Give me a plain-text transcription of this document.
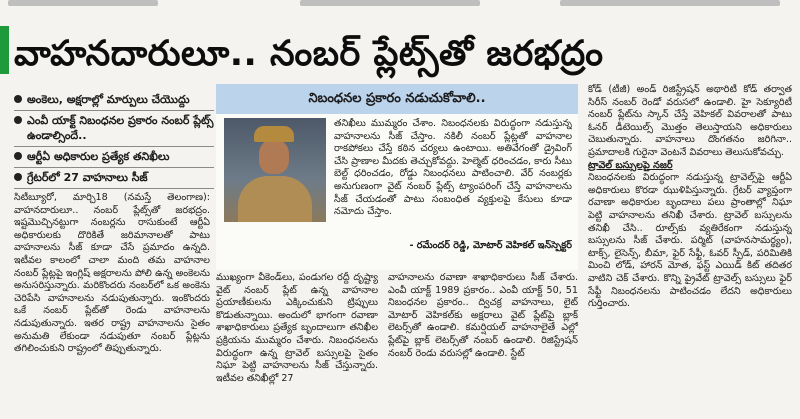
వాహనదారులూ.. నంబర్ ప్లేట్స్‌తో జరభద్రం
అంకెలు, అక్షరాల్లో మార్పులు చేయొద్దు
ఎంవీ యాక్ట్ నిబంధనల ప్రకారం నంబర్ ప్లేట్స్ ఉండాల్సిందే..
ఆర్టీఏ అధికారుల ప్రత్యేక తనిఖీలు
గ్రేటర్‌లో 27 వాహనాలు సీజ్

సిటీబ్యూరో, మార్చి18 (నమస్తే తెలంగాణ): వాహనదారులూ.. నంబర్ ప్లేట్స్‌తో జరభద్రం. ఇష్టమొచ్చినట్టుగా నంబర్లను రాసుకుంటే ఆర్టీఏ అధికారులకు దొరికితే జరిమానాలతో పాటు వాహనాలను సీజ్ కూడా చేసే ప్రమాదం ఉన్నది. ఇటీవల కాలంలో చాలా మంది తమ వాహనాల నంబర్ ప్లేట్లపై ఇంగ్లిష్ అక్షరాలను పోలి ఉన్న అంకెలను అనుసరిస్తున్నారు. మరికొందరు నంబర్‌లో ఒక అంకెను చెరిపేసి వాహనాలను నడుపుతున్నారు. ఇంకొందరు ఒకే నంబర్ ప్లేట్‌తో రెండు వాహనాలను నడుపుతున్నారు. ఇతర రాష్ట్ర వాహనాలను సైతం అనుమతి లేకుండా నడుపుతూ నంబర్ ప్లేట్లను తగిలించుకుని రాష్ట్రంలో తిప్పుతున్నారు.

నిబంధనల ప్రకారం నడుచుకోవాలి..
తనిఖీలు ముమ్మరం చేశాం. నిబంధనలకు విరుద్ధంగా నడుస్తున్న వాహనాలను సీజ్ చేస్తాం. నకిలీ నంబర్ ప్లేట్లతో వాహనాల రాకపోకలు చేస్తే కఠిన చర్యలు ఉంటాయి. అతివేగంతో డ్రైవింగ్ చేసి ప్రాణాల మీదకు తెచ్చుకోవద్దు. హెల్మెట్ ధరించడం, కారు సీటు బెల్ట్ ధరించడం, రోడ్డు నిబంధనలు పాటించాలి. వేర్ నంబర్లకు అనుగుణంగా వైట్ నంబర్ ప్లేట్స్ ట్యాంపరింగ్ చేస్తే వాహనాలను సీజ్ చేయడంతో పాటు సంబంధిత వ్యక్తులపై కేసులు కూడా నమోదు చేస్తాం.
- రమేందర్ రెడ్డి, మోటార్ వెహికల్ ఇన్‌స్పెక్టర్

ముఖ్యంగా వీకెండ్‌లు, పండుగల రద్దీ దృష్ట్యా వైట్ నంబర్ ప్లేట్ ఉన్న వాహనాల ప్రయాణీకులను ఎక్కించుకుని ట్రిప్పులు కొడుతున్నాయి. అందులో భాగంగా రవాణా శాఖాధికారులు ప్రత్యేక బృందాలుగా తనిఖీల ప్రక్రియను ముమ్మరం చేశారు. నిబంధనలను విరుద్ధంగా ఉన్న ట్రావెల్ బస్సులపై సైతం నిఘా పెట్టి వాహనాలను సీజ్ చేస్తున్నారు. ఇటీవల తనిఖీల్లో 27

వాహనాలను రవాణా శాఖాధికారులు సీజ్ చేశారు. ఎంవీ యాక్ట్ 1989 ప్రకారం.. ఎంవీ యాక్ట్ 50, 51 నిబంధనల ప్రకారం.. ద్విచక్ర వాహనాలు, లైట్ మోటార్ వెహికల్‌కు అక్షరాలు వైట్ ప్లేట్‌పై బ్లాక్ లెటర్స్‌తో ఉండాలి. కమర్షియల్ వాహనాలైతే ఎల్లో ప్లేట్‌పై బ్లాక్ లెటర్స్‌తో నంబర్ ఉండాలి. రిజిస్ట్రేషన్ నంబర్ రెండు వరుసల్లో ఉండాలి. స్టేట్

కోడ్ (టీజీ) అండ్ రిజిస్ట్రేషన్ అథారిటీ కోడ్ తర్వాత సిరీస్ నంబర్ రెండో వరుసలో ఉండాలి. హై సెక్యూరిటీ నంబర్ ప్లేట్‌ను స్కాన్ చేస్తే వెహికల్ వివరాలతో పాటు ఓనర్ డీటెయిల్స్ మొత్తం తెలుస్తాయని అధికారులు చెబుతున్నారు. వాహనాలు దొంగతనం జరిగినా.. ప్రమాదాలకి గురైనా వెంటనే వివరాలు తెలుసుకోవచ్చు.

ట్రావెల్ బస్సులపై నజర్

నిబంధనలకు విరుద్ధంగా నడుస్తున్న ట్రావెల్స్‌పై ఆర్టీఏ అధికారులు కొరడా ఝుళిపిస్తున్నారు. గ్రేటర్ వ్యాప్తంగా రవాణా అధికారుల బృందాలు పలు ప్రాంతాల్లో నిఘా పెట్టి వాహనాలను తనిఖీ చేశారు. ట్రావెల్ బస్సులను తనిఖీ చేసి.. రూల్స్‌కు వ్యతిరేకంగా నడుస్తున్న బస్సులను సీజ్ చేశారు. పర్మిట్ (వాహనసామర్థ్యం), టాక్స్, లైసెన్స్, బీమా, ఫైర్ సేఫ్టీ, ఓవర్ స్పీడ్, పరిమితికి మించి లోడ్, హారన్ మోత, ఫస్ట్ ఎయిడ్ కిట్ తదితర వాటిని చెక్ చేశారు. కొన్ని ప్రైవేట్ ట్రావెల్స్ బస్సులు ఫైర్ సేఫ్టీ నిబంధనలను పాటించడం లేదని అధికారులు గుర్తించారు.
